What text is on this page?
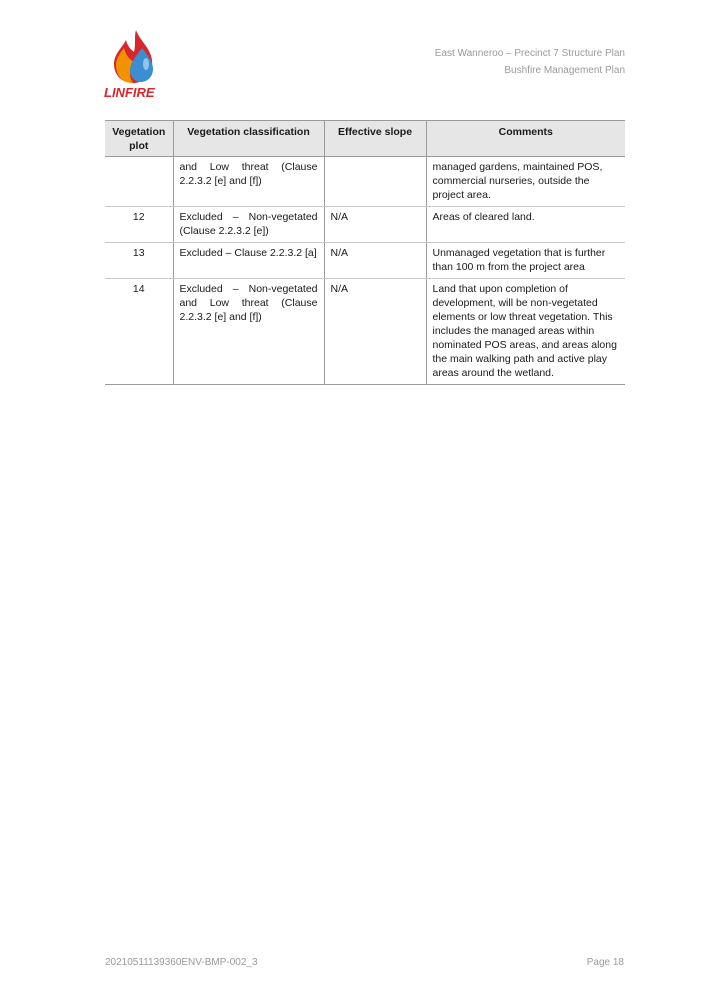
LINFIRE
East Wanneroo – Precinct 7 Structure Plan
Bushfire Management Plan
Vegetation plot	Vegetation classification	Effective slope	Comments
	and Low threat (Clause 2.2.3.2 [e] and [f])		managed gardens, maintained POS, commercial nurseries, outside the project area.
12	Excluded – Non-vegetated (Clause 2.2.3.2 [e])	N/A	Areas of cleared land.
13	Excluded – Clause 2.2.3.2 [a]	N/A	Unmanaged vegetation that is further than 100 m from the project area
14	Excluded – Non-vegetated and Low threat (Clause 2.2.3.2 [e] and [f])	N/A	Land that upon completion of development, will be non-vegetated elements or low threat vegetation. This includes the managed areas within nominated POS areas, and areas along the main walking path and active play areas around the wetland.
20210511139360ENV-BMP-002_3	Page 18
